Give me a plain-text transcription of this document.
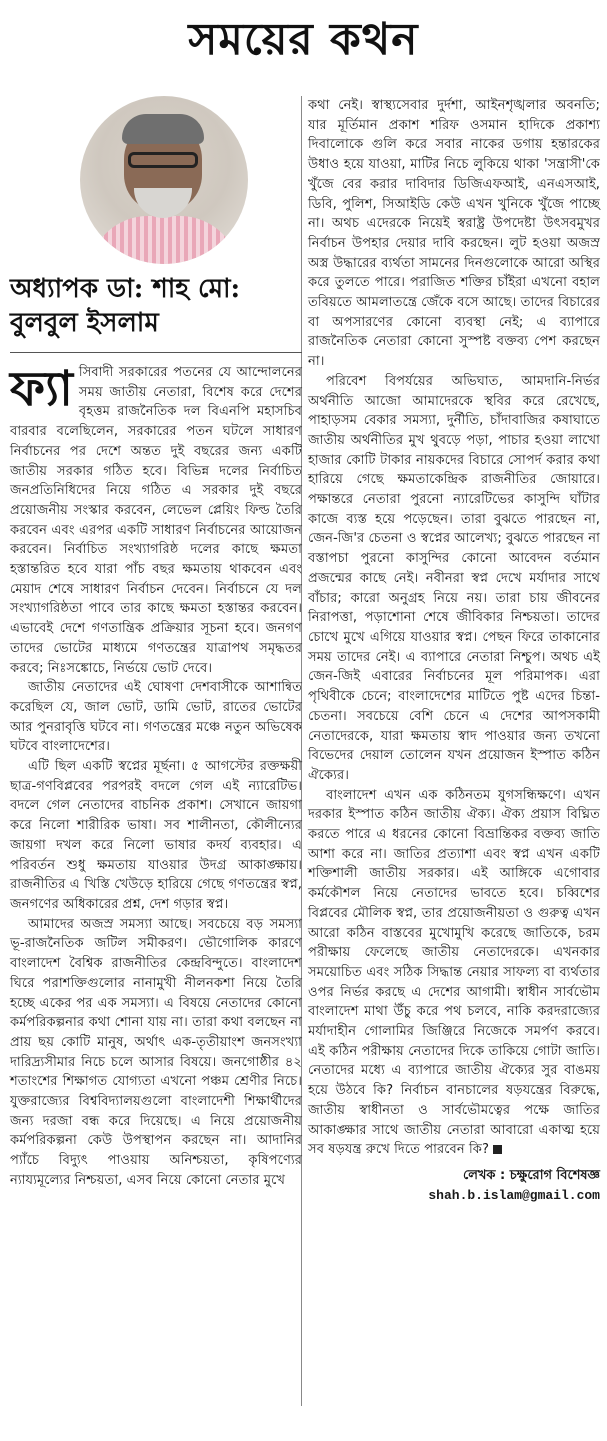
সময়ের কথন
অধ্যাপক ডা: শাহ মো: বুলবুল ইসলাম

ফ্যা সিবাদী সরকারের পতনের যে আন্দোলনের সময় জাতীয় নেতারা, বিশেষ করে দেশের বৃহত্তম রাজনৈতিক দল বিএনপি মহাসচিব বারবার বলেছিলেন, সরকারের পতন ঘটলে সাধারণ নির্বাচনের পর দেশে অন্তত দুই বছরের জন্য একটি জাতীয় সরকার গঠিত হবে। বিভিন্ন দলের নির্বাচিত জনপ্রতিনিধিদের নিয়ে গঠিত এ সরকার দুই বছরে প্রয়োজনীয় সংস্কার করবেন, লেভেল প্লেয়িং ফিল্ড তৈরি করবেন এবং এরপর একটি সাধারণ নির্বাচনের আয়োজন করবেন। নির্বাচিত সংখ্যাগরিষ্ঠ দলের কাছে ক্ষমতা হস্তান্তরিত হবে যারা পাঁচ বছর ক্ষমতায় থাকবেন এবং মেয়াদ শেষে সাধারণ নির্বাচন দেবেন। নির্বাচনে যে দল সংখ্যাগরিষ্ঠতা পাবে তার কাছে ক্ষমতা হস্তান্তর করবেন। এভাবেই দেশে গণতান্ত্রিক প্রক্রিয়ার সূচনা হবে। জনগণ তাদের ভোটের মাধ্যমে গণতন্ত্রের যাত্রাপথ সমৃদ্ধতর করবে; নিঃসঙ্কোচে, নির্ভয়ে ভোট দেবে।

জাতীয় নেতাদের এই ঘোষণা দেশবাসীকে আশান্বিত করেছিল যে, জাল ভোট, ডামি ভোট, রাতের ভোটের আর পুনরাবৃত্তি ঘটবে না। গণতন্ত্রের মঞ্চে নতুন অভিষেক ঘটবে বাংলাদেশের।

এটি ছিল একটি স্বপ্নের মূর্ছনা। ৫ আগস্টের রক্তক্ষয়ী ছাত্র-গণবিপ্লবের পরপরই বদলে গেল এই ন্যারেটিভ। বদলে গেল নেতাদের বাচনিক প্রকাশ। সেখানে জায়গা করে নিলো শারীরিক ভাষা। সব শালীনতা, কৌলীন্যের জায়গা দখল করে নিলো ভাষার কদর্য ব্যবহার। এ পরিবর্তন শুধু ক্ষমতায় যাওয়ার উদগ্র আকাঙ্ক্ষায়। রাজনীতির এ খিস্তি খেউড়ে হারিয়ে গেছে গণতন্ত্রের স্বপ্ন, জনগণের অধিকারের প্রশ্ন, দেশ গড়ার স্বপ্ন।

আমাদের অজস্র সমস্যা আছে। সবচেয়ে বড় সমস্যা ভূ-রাজনৈতিক জটিল সমীকরণ। ভৌগোলিক কারণে বাংলাদেশ বৈশ্বিক রাজনীতির কেন্দ্রবিন্দুতে। বাংলাদেশ ঘিরে পরাশক্তিগুলোর নানামুখী নীলনকশা নিয়ে তৈরি হচ্ছে একের পর এক সমস্যা। এ বিষয়ে নেতাদের কোনো কর্মপরিকল্পনার কথা শোনা যায় না। তারা কথা বলছেন না প্রায় ছয় কোটি মানুষ, অর্থাৎ এক-তৃতীয়াংশ জনসংখ্যা দারিদ্র্যসীমার নিচে চলে আসার বিষয়ে। জনগোষ্ঠীর ৪২ শতাংশের শিক্ষাগত যোগ্যতা এখনো পঞ্চম শ্রেণীর নিচে। যুক্তরাজ্যের বিশ্ববিদ্যালয়গুলো বাংলাদেশী শিক্ষার্থীদের জন্য দরজা বন্ধ করে দিয়েছে। এ নিয়ে প্রয়োজনীয় কর্মপরিকল্পনা কেউ উপস্থাপন করছেন না। আদানির প্যাঁচে বিদ্যুৎ পাওয়ায় অনিশ্চয়তা, কৃষিপণ্যের ন্যায্যমূল্যের নিশ্চয়তা, এসব নিয়ে কোনো নেতার মুখে

কথা নেই। স্বাস্থ্যসেবার দুর্দশা, আইনশৃঙ্খলার অবনতি; যার মূর্তিমান প্রকাশ শরিফ ওসমান হাদিকে প্রকাশ্য দিবালোকে গুলি করে সবার নাকের ডগায় হন্তারকের উধাও হয়ে যাওয়া, মাটির নিচে লুকিয়ে থাকা 'সন্ত্রাসী'কে খুঁজে বের করার দাবিদার ডিজিএফআই, এনএসআই, ডিবি, পুলিশ, সিআইডি কেউ এখন খুনিকে খুঁজে পাচ্ছে না। অথচ এদেরকে নিয়েই স্বরাষ্ট্র উপদেষ্টা উৎসবমুখর নির্বাচন উপহার দেয়ার দাবি করছেন। লুট হওয়া অজস্র অস্ত্র উদ্ধারের ব্যর্থতা সামনের দিনগুলোকে আরো অস্থির করে তুলতে পারে। পরাজিত শক্তির চাঁইরা এখনো বহাল তবিয়তে আমলাতন্ত্রে জেঁকে বসে আছে। তাদের বিচারের বা অপসারণের কোনো ব্যবস্থা নেই; এ ব্যাপারে রাজনৈতিক নেতারা কোনো সুস্পষ্ট বক্তব্য পেশ করছেন না।

পরিবেশ বিপর্যয়ের অভিঘাত, আমদানি-নির্ভর অর্থনীতি আজো আমাদেরকে স্থবির করে রেখেছে, পাহাড়সম বেকার সমস্যা, দুর্নীতি, চাঁদাবাজির কষাঘাতে জাতীয় অর্থনীতির মুখ থুবড়ে পড়া, পাচার হওয়া লাখো হাজার কোটি টাকার নায়কদের বিচারে সোপর্দ করার কথা হারিয়ে গেছে ক্ষমতাকেন্দ্রিক রাজনীতির জোয়ারে। পক্ষান্তরে নেতারা পুরনো ন্যারেটিভের কাসুন্দি ঘাঁটার কাজে ব্যস্ত হয়ে পড়েছেন। তারা বুঝতে পারছেন না, জেন-জি'র চেতনা ও স্বপ্নের আলেখ্য; বুঝতে পারছেন না বস্তাপচা পুরনো কাসুন্দির কোনো আবেদন বর্তমান প্রজন্মের কাছে নেই। নবীনরা স্বপ্ন দেখে মর্যাদার সাথে বাঁচার; কারো অনুগ্রহ নিয়ে নয়। তারা চায় জীবনের নিরাপত্তা, পড়াশোনা শেষে জীবিকার নিশ্চয়তা। তাদের চোখে মুখে এগিয়ে যাওয়ার স্বপ্ন। পেছন ফিরে তাকানোর সময় তাদের নেই। এ ব্যাপারে নেতারা নিশ্চুপ। অথচ এই জেন-জিই এবারের নির্বাচনের মূল পরিমাপক। এরা পৃথিবীকে চেনে; বাংলাদেশের মাটিতে পুষ্ট এদের চিন্তা-চেতনা। সবচেয়ে বেশি চেনে এ দেশের আপসকামী নেতাদেরকে, যারা ক্ষমতায় স্বাদ পাওয়ার জন্য তখনো বিভেদের দেয়াল তোলেন যখন প্রয়োজন ইস্পাত কঠিন ঐক্যের।

বাংলাদেশ এখন এক কঠিনতম যুগসন্ধিক্ষণে। এখন দরকার ইস্পাত কঠিন জাতীয় ঐক্য। ঐক্য প্রয়াস বিঘ্নিত করতে পারে এ ধরনের কোনো বিভ্রান্তিকর বক্তব্য জাতি আশা করে না। জাতির প্রত্যাশা এবং স্বপ্ন এখন একটি শক্তিশালী জাতীয় সরকার। এই আঙ্গিকে এগোবার কর্মকৌশল নিয়ে নেতাদের ভাবতে হবে। চব্বিশের বিপ্লবের মৌলিক স্বপ্ন, তার প্রয়োজনীয়তা ও গুরুত্ব এখন আরো কঠিন বাস্তবের মুখোমুখি করেছে জাতিকে, চরম পরীক্ষায় ফেলেছে জাতীয় নেতাদেরকে। এখনকার সময়োচিত এবং সঠিক সিদ্ধান্ত নেয়ার সাফল্য বা ব্যর্থতার ওপর নির্ভর করছে এ দেশের আগামী। স্বাধীন সার্বভৌম বাংলাদেশ মাথা উঁচু করে পথ চলবে, নাকি করদরাজ্যের মর্যাদাহীন গোলামির জিঞ্জিরে নিজেকে সমর্পণ করবে। এই কঠিন পরীক্ষায় নেতাদের দিকে তাকিয়ে গোটা জাতি। নেতাদের মধ্যে এ ব্যাপারে জাতীয় ঐক্যের সুর বাঙময় হয়ে উঠবে কি? নির্বাচন বানচালের ষড়যন্ত্রের বিরুদ্ধে, জাতীয় স্বাধীনতা ও সার্বভৌমত্বের পক্ষে জাতির আকাঙ্ক্ষার সাথে জাতীয় নেতারা আবারো একাত্ম হয়ে সব ষড়যন্ত্র রুখে দিতে পারবেন কি?

লেখক : চক্ষুরোগ বিশেষজ্ঞ
shah.b.islam@gmail.com
